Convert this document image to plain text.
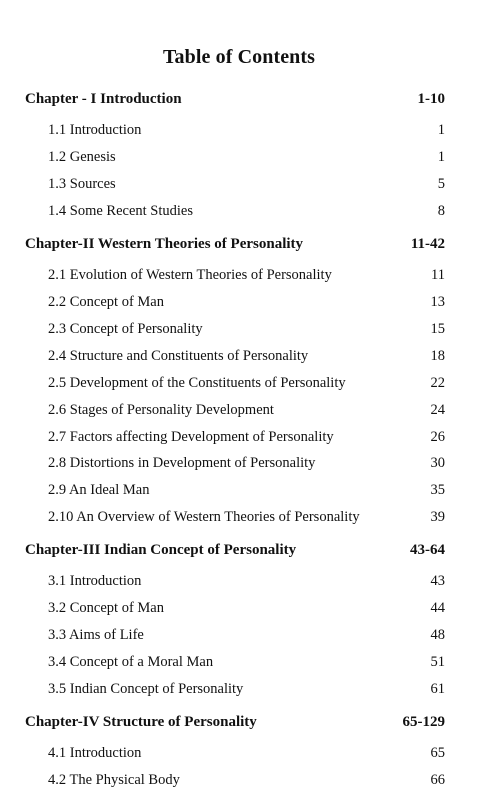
Table of Contents
Chapter - I Introduction	1-10
1.1 Introduction	1
1.2 Genesis	1
1.3 Sources	5
1.4 Some Recent Studies	8
Chapter-II Western Theories of Personality	11-42
2.1 Evolution of Western Theories of Personality	11
2.2 Concept of Man	13
2.3 Concept of Personality	15
2.4 Structure and Constituents of Personality	18
2.5 Development of the Constituents of Personality	22
2.6 Stages of Personality Development	24
2.7 Factors affecting Development of Personality	26
2.8 Distortions in Development of Personality	30
2.9 An Ideal Man	35
2.10 An Overview of Western Theories of Personality	39
Chapter-III Indian Concept of Personality	43-64
3.1 Introduction	43
3.2 Concept of Man	44
3.3 Aims of Life	48
3.4 Concept of a Moral Man	51
3.5 Indian Concept of Personality	61
Chapter-IV Structure of Personality	65-129
4.1 Introduction	65
4.2 The Physical Body	66
